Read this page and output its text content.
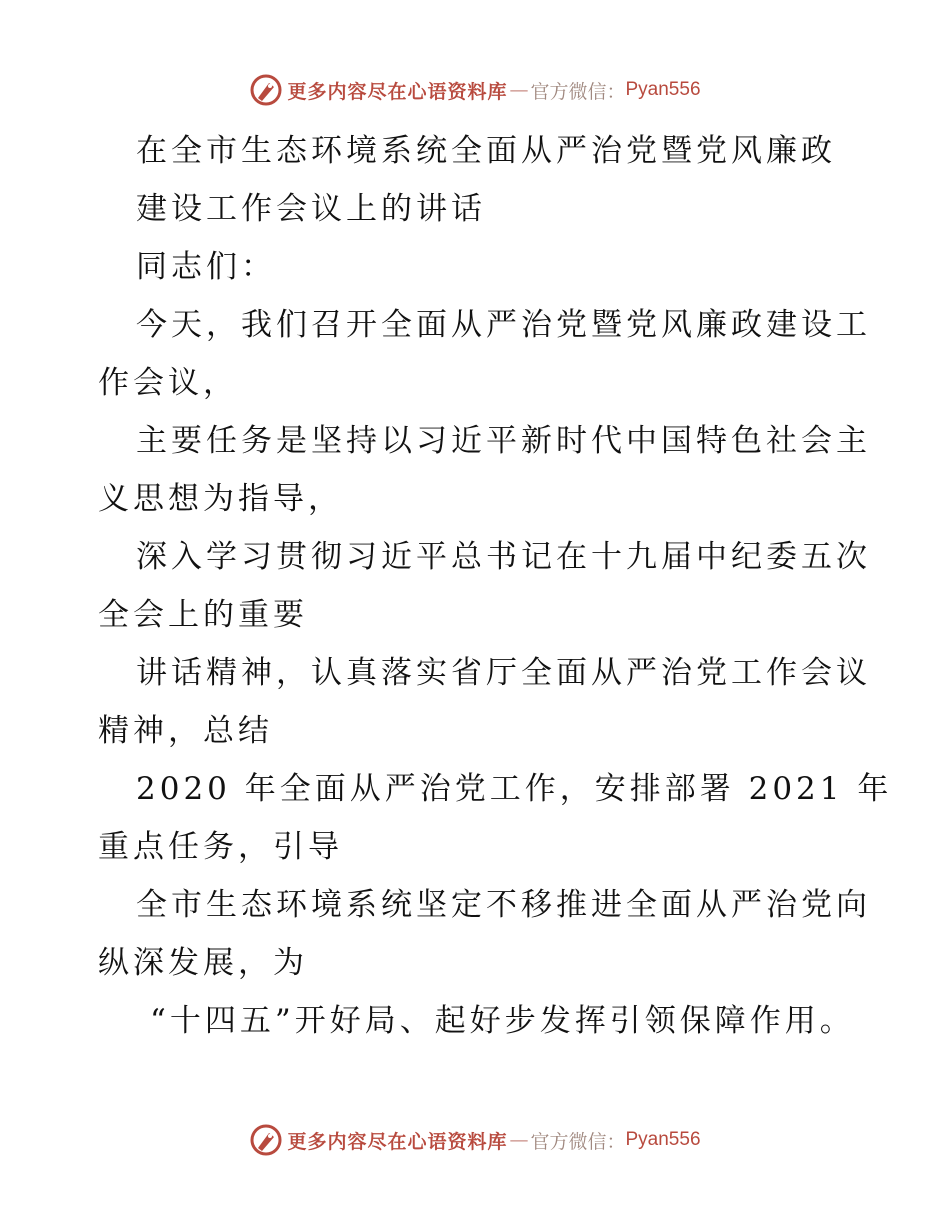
更多内容尽在心语资料库 — 官方微信： Pyan556
在全市生态环境系统全面从严治党暨党风廉政
建设工作会议上的讲话
同志们：
今天，我们召开全面从严治党暨党风廉政建设工
作会议，
主要任务是坚持以习近平新时代中国特色社会主
义思想为指导，
深入学习贯彻习近平总书记在十九届中纪委五次
全会上的重要
讲话精神，认真落实省厅全面从严治党工作会议
精神，总结
2020 年全面从严治党工作，安排部署 2021 年
重点任务，引导
全市生态环境系统坚定不移推进全面从严治党向
纵深发展，为
“十四五”开好局、起好步发挥引领保障作用。
更多内容尽在心语资料库 — 官方微信： Pyan556
